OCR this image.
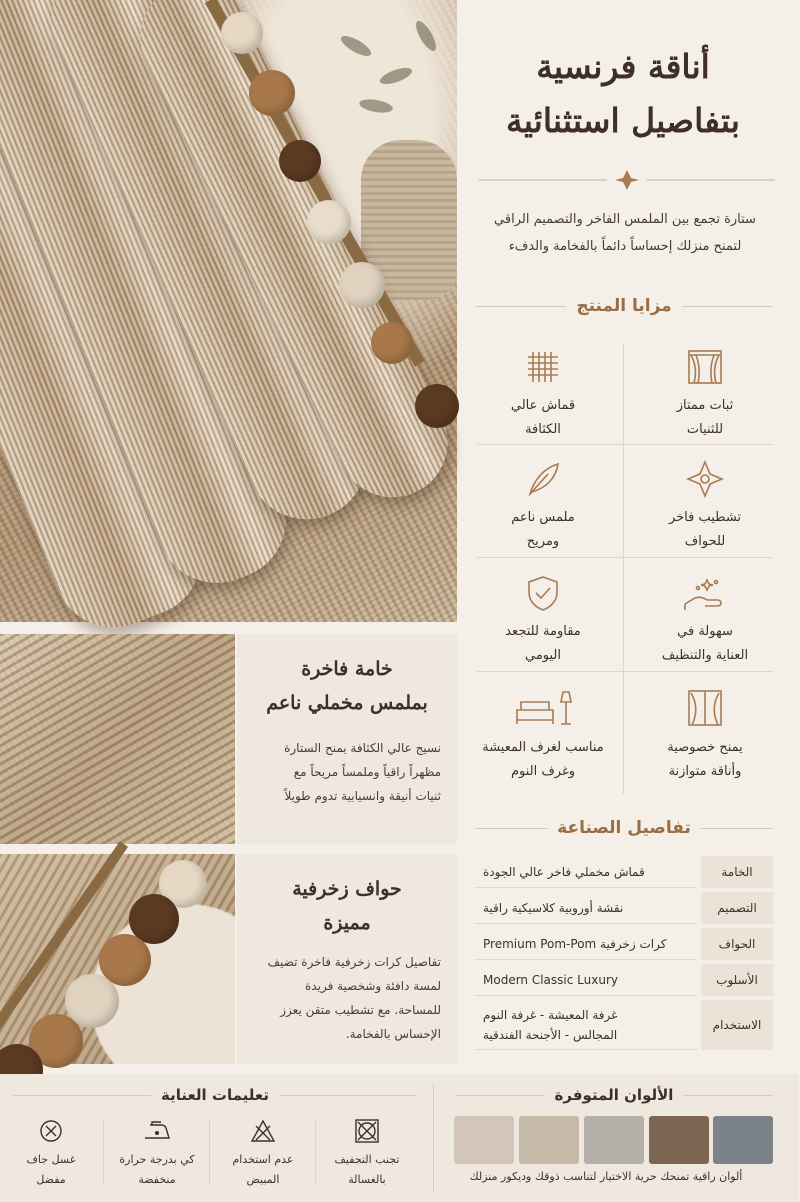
أناقة فرنسية
بتفاصيل استثنائية
ستارة تجمع بين الملمس الفاخر والتصميم الراقي
لتمنح منزلك إحساساً دائماً بالفخامة والدفء
مزايا المنتج
ثبات ممتاز
للثنيات
قماش عالي
الكثافة
تشطيب فاخر
للحواف
ملمس ناعم
ومريح
سهولة في
العناية والتنظيف
مقاومة للتجعد
اليومي
يمنح خصوصية
وأناقة متوازنة
مناسب لغرف المعيشة
وغرف النوم
خامة فاخرة
بملمس مخملي ناعم
نسيج عالي الكثافة يمنح الستارة
مظهراً راقياً وملمساً مريحاً مع
ثنيات أنيقة وانسيابية تدوم طويلاً
حواف زخرفية
مميزة
تفاصيل كرات زخرفية فاخرة تضيف
لمسة دافئة وشخصية فريدة
للمساحة. مع تشطيب متقن يعزز
الإحساس بالفخامة.
تفاصيل الصناعة
الخامة
قماش مخملي فاخر عالي الجودة
التصميم
نقشة أوروبية كلاسيكية راقية
الحواف
كرات زخرفية Premium Pom-Pom
الأسلوب
Modern Classic Luxury
الاستخدام
غرفة المعيشة - غرفة النوم
المجالس - الأجنحة الفندقية
الألوان المتوفرة
ألوان راقية تمنحك حرية الاختيار لتناسب ذوقك وديكور منزلك
تعليمات العناية
تجنب التجفيف
بالغسالة
عدم استخدام
المبيض
كي بدرجة حرارة
منخفضة
غسل جاف
مفضل
